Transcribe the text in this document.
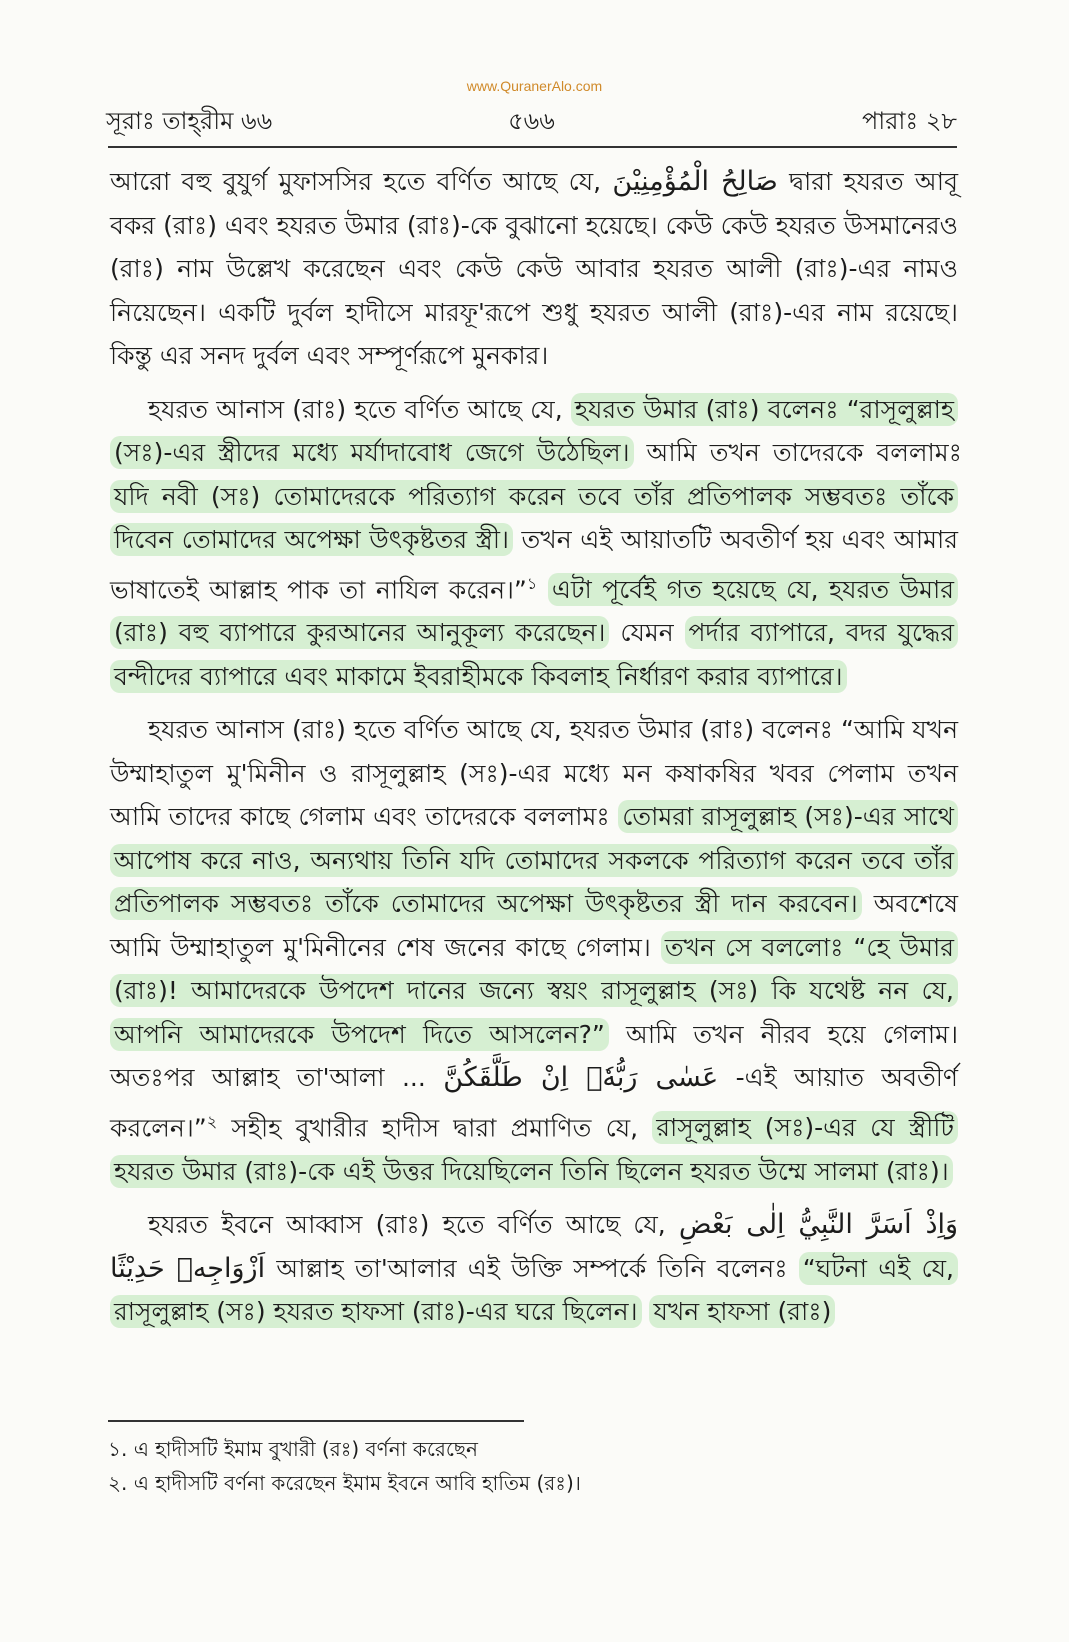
www.QuranerAlo.com
সূরাঃ তাহ্‌রীম ৬৬	৫৬৬	পারাঃ ২৮

আরো বহু বুযুর্গ মুফাসসির হতে বর্ণিত আছে যে, صَالِحُ الْمُؤْمِنِيْنَ দ্বারা হযরত আবূ বকর (রাঃ) এবং হযরত উমার (রাঃ)-কে বুঝানো হয়েছে। কেউ কেউ হযরত উসমানেরও (রাঃ) নাম উল্লেখ করেছেন এবং কেউ কেউ আবার হযরত আলী (রাঃ)-এর নামও নিয়েছেন। একটি দুর্বল হাদীসে মারফূ'রূপে শুধু হযরত আলী (রাঃ)-এর নাম রয়েছে। কিন্তু এর সনদ দুর্বল এবং সম্পূর্ণরূপে মুনকার।

হযরত আনাস (রাঃ) হতে বর্ণিত আছে যে, হযরত উমার (রাঃ) বলেনঃ “রাসূলুল্লাহ (সঃ)-এর স্ত্রীদের মধ্যে মর্যাদাবোধ জেগে উঠেছিল। আমি তখন তাদেরকে বললামঃ যদি নবী (সঃ) তোমাদেরকে পরিত্যাগ করেন তবে তাঁর প্রতিপালক সম্ভবতঃ তাঁকে দিবেন তোমাদের অপেক্ষা উৎকৃষ্টতর স্ত্রী। তখন এই আয়াতটি অবতীর্ণ হয় এবং আমার ভাষাতেই আল্লাহ পাক তা নাযিল করেন।”$^১$ এটা পূর্বেই গত হয়েছে যে, হযরত উমার (রাঃ) বহু ব্যাপারে কুরআনের আনুকূল্য করেছেন। যেমন পর্দার ব্যাপারে, বদর যুদ্ধের বন্দীদের ব্যাপারে এবং মাকামে ইবরাহীমকে কিবলাহ নির্ধারণ করার ব্যাপারে।

হযরত আনাস (রাঃ) হতে বর্ণিত আছে যে, হযরত উমার (রাঃ) বলেনঃ “আমি যখন উম্মাহাতুল মু'মিনীন ও রাসূলুল্লাহ (সঃ)-এর মধ্যে মন কষাকষির খবর পেলাম তখন আমি তাদের কাছে গেলাম এবং তাদেরকে বললামঃ তোমরা রাসূলুল্লাহ (সঃ)-এর সাথে আপোষ করে নাও, অন্যথায় তিনি যদি তোমাদের সকলকে পরিত্যাগ করেন তবে তাঁর প্রতিপালক সম্ভবতঃ তাঁকে তোমাদের অপেক্ষা উৎকৃষ্টতর স্ত্রী দান করবেন। অবশেষে আমি উম্মাহাতুল মু'মিনীনের শেষ জনের কাছে গেলাম। তখন সে বললোঃ “হে উমার (রাঃ)! আমাদেরকে উপদেশ দানের জন্যে স্বয়ং রাসূলুল্লাহ (সঃ) কি যথেষ্ট নন যে, আপনি আমাদেরকে উপদেশ দিতে আসলেন?” আমি তখন নীরব হয়ে গেলাম। অতঃপর আল্লাহ তা'আলা ... عَسٰى رَبُّهٗۤ اِنْ طَلَّقَكُنَّ -এই আয়াত অবতীর্ণ করলেন।”$^২$ সহীহ বুখারীর হাদীস দ্বারা প্রমাণিত যে, রাসূলুল্লাহ (সঃ)-এর যে স্ত্রীটি হযরত উমার (রাঃ)-কে এই উত্তর দিয়েছিলেন তিনি ছিলেন হযরত উম্মে সালমা (রাঃ)।

হযরত ইবনে আব্বাস (রাঃ) হতে বর্ণিত আছে যে, وَاِذْ اَسَرَّ النَّبِيُّ اِلٰى بَعْضِ اَزْوَاجِهٖ حَدِيْثًا আল্লাহ তা'আলার এই উক্তি সম্পর্কে তিনি বলেনঃ “ঘটনা এই যে, রাসূলুল্লাহ (সঃ) হযরত হাফসা (রাঃ)-এর ঘরে ছিলেন। যখন হাফসা (রাঃ)

১. এ হাদীসটি ইমাম বুখারী (রঃ) বর্ণনা করেছেন
২. এ হাদীসটি বর্ণনা করেছেন ইমাম ইবনে আবি হাতিম (রঃ)।
